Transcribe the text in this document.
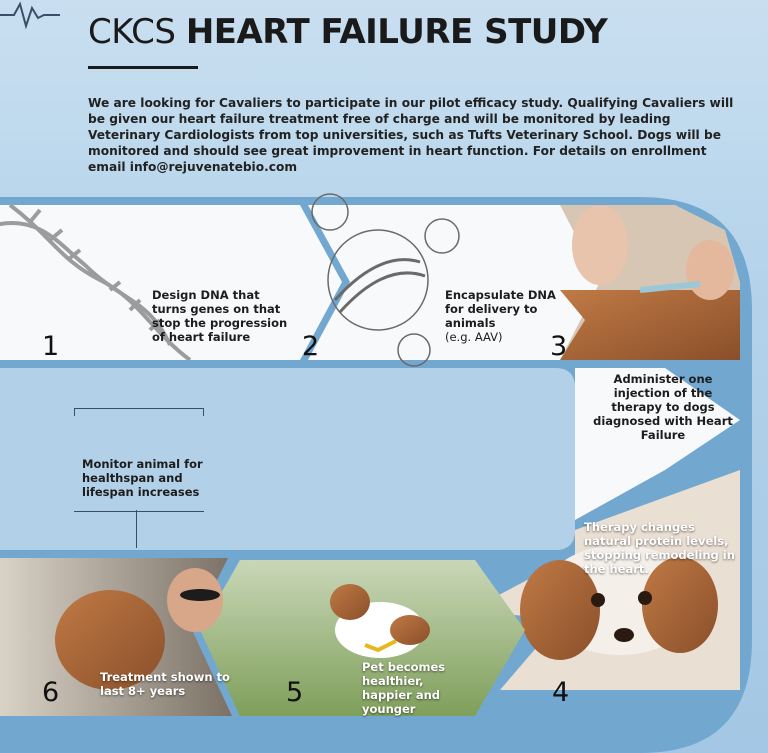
CKCS HEART FAILURE STUDY

We are looking for Cavaliers to participate in our pilot efficacy study. Qualifying Cavaliers will be given our heart failure treatment free of charge and will be monitored by leading Veterinary Cardiologists from top universities, such as Tufts Veterinary School. Dogs will be monitored and should see great improvement in heart function. For details on enrollment email info@rejuvenatebio.com

Design DNA that turns genes on that stop the progression of heart failure
1
Encapsulate DNA for delivery to animals
(e.g. AAV)
2	3
Administer one injection of the therapy to dogs diagnosed with Heart Failure
Therapy changes natural protein levels, stopping remodeling in the heart.
4
Pet becomes healthier, happier and younger
5
Treatment shown to last 8+ years
6
Monitor animal for healthspan and lifespan increases
